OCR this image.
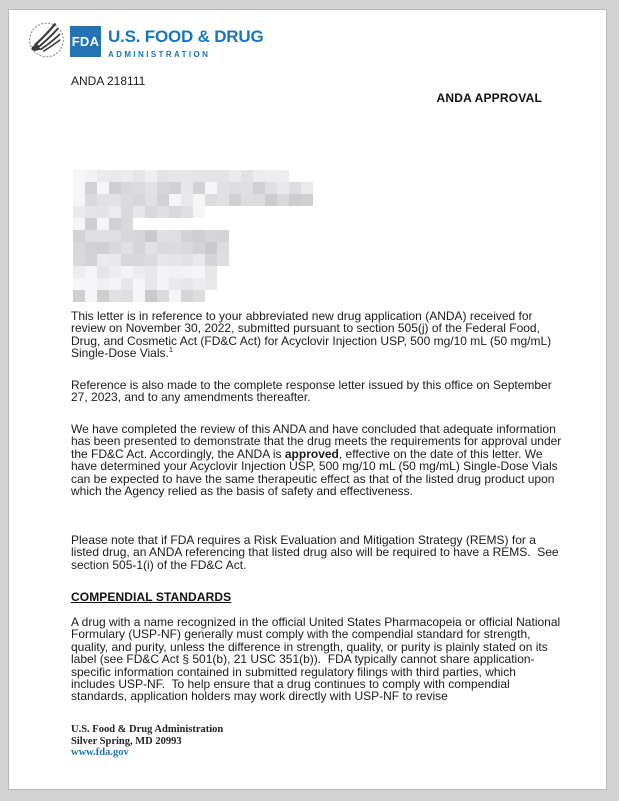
FDA U.S. FOOD & DRUG
ADMINISTRATION
ANDA 218111
ANDA APPROVAL
This letter is in reference to your abbreviated new drug application (ANDA) received for review on November 30, 2022, submitted pursuant to section 505(j) of the Federal Food, Drug, and Cosmetic Act (FD&C Act) for Acyclovir Injection USP, 500 mg/10 mL (50 mg/mL) Single-Dose Vials.$^1$
Reference is also made to the complete response letter issued by this office on September 27, 2023, and to any amendments thereafter.
We have completed the review of this ANDA and have concluded that adequate information has been presented to demonstrate that the drug meets the requirements for approval under the FD&C Act. Accordingly, the ANDA is approved, effective on the date of this letter. We have determined your Acyclovir Injection USP, 500 mg/10 mL (50 mg/mL) Single-Dose Vials can be expected to have the same therapeutic effect as that of the listed drug product upon which the Agency relied as the basis of safety and effectiveness.
Please note that if FDA requires a Risk Evaluation and Mitigation Strategy (REMS) for a listed drug, an ANDA referencing that listed drug also will be required to have a REMS.  See section 505-1(i) of the FD&C Act.
COMPENDIAL STANDARDS
A drug with a name recognized in the official United States Pharmacopeia or official National Formulary (USP-NF) generally must comply with the compendial standard for strength, quality, and purity, unless the difference in strength, quality, or purity is plainly stated on its label (see FD&C Act § 501(b), 21 USC 351(b)).  FDA typically cannot share application-specific information contained in submitted regulatory filings with third parties, which includes USP-NF.  To help ensure that a drug continues to comply with compendial standards, application holders may work directly with USP-NF to revise
U.S. Food & Drug Administration
Silver Spring, MD 20993
www.fda.gov
